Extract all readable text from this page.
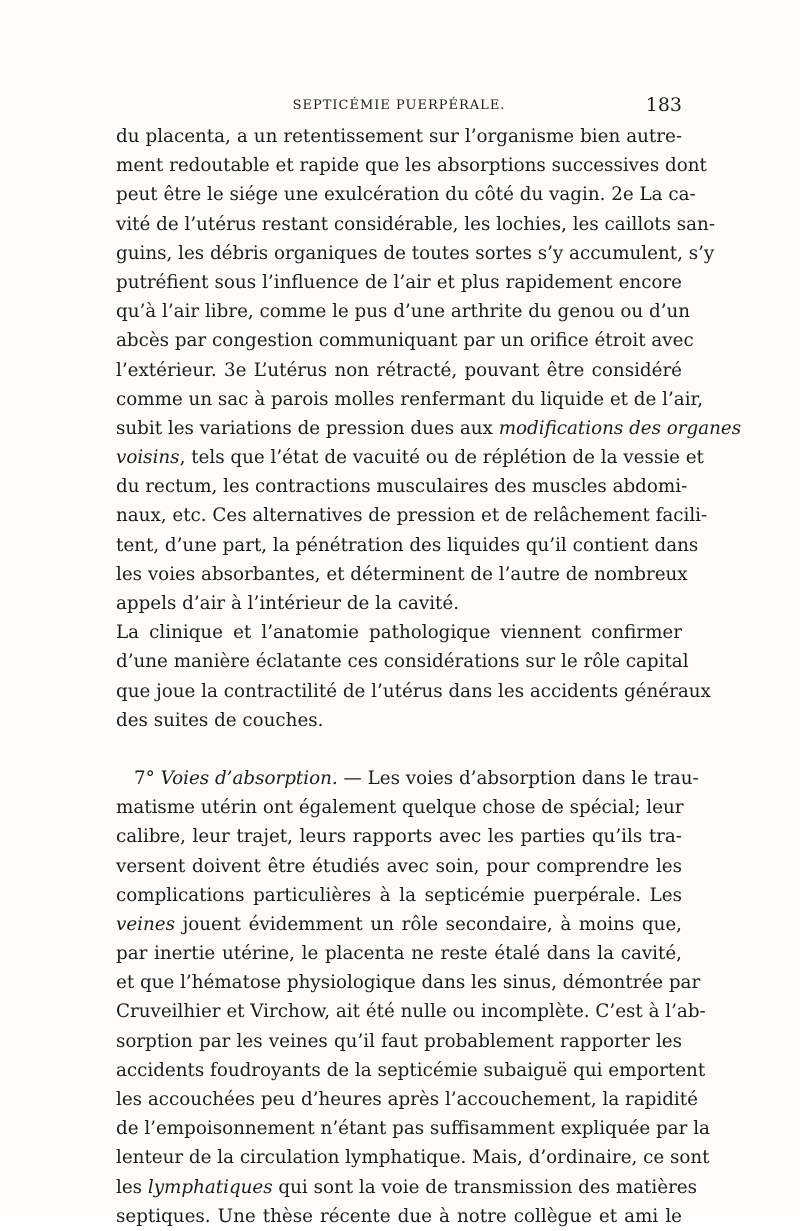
SEPTICÉMIE PUERPÉRALE.	183
du placenta, a un retentissement sur l’organisme bien autre-
ment redoutable et rapide que les absorptions successives dont
peut être le siége une exulcération du côté du vagin. 2e La ca-
vité de l’utérus restant considérable, les lochies, les caillots san-
guins, les débris organiques de toutes sortes s’y accumulent, s’y
putréfient sous l’influence de l’air et plus rapidement encore
qu’à l’air libre, comme le pus d’une arthrite du genou ou d’un
abcès par congestion communiquant par un orifice étroit avec
l’extérieur. 3e L’utérus non rétracté, pouvant être considéré
comme un sac à parois molles renfermant du liquide et de l’air,
subit les variations de pression dues aux modifications des organes
voisins, tels que l’état de vacuité ou de réplétion de la vessie et
du rectum, les contractions musculaires des muscles abdomi-
naux, etc. Ces alternatives de pression et de relâchement facili-
tent, d’une part, la pénétration des liquides qu’il contient dans
les voies absorbantes, et déterminent de l’autre de nombreux
appels d’air à l’intérieur de la cavité.
La clinique et l’anatomie pathologique viennent confirmer
d’une manière éclatante ces considérations sur le rôle capital
que joue la contractilité de l’utérus dans les accidents généraux
des suites de couches.
7° Voies d’absorption. — Les voies d’absorption dans le trau-
matisme utérin ont également quelque chose de spécial; leur
calibre, leur trajet, leurs rapports avec les parties qu’ils tra-
versent doivent être étudiés avec soin, pour comprendre les
complications particulières à la septicémie puerpérale. Les
veines jouent évidemment un rôle secondaire, à moins que,
par inertie utérine, le placenta ne reste étalé dans la cavité,
et que l’hématose physiologique dans les sinus, démontrée par
Cruveilhier et Virchow, ait été nulle ou incomplète. C’est à l’ab-
sorption par les veines qu’il faut probablement rapporter les
accidents foudroyants de la septicémie subaiguë qui emportent
les accouchées peu d’heures après l’accouchement, la rapidité
de l’empoisonnement n’étant pas suffisamment expliquée par la
lenteur de la circulation lymphatique. Mais, d’ordinaire, ce sont
les lymphatiques qui sont la voie de transmission des matières
septiques. Une thèse récente due à notre collègue et ami le
